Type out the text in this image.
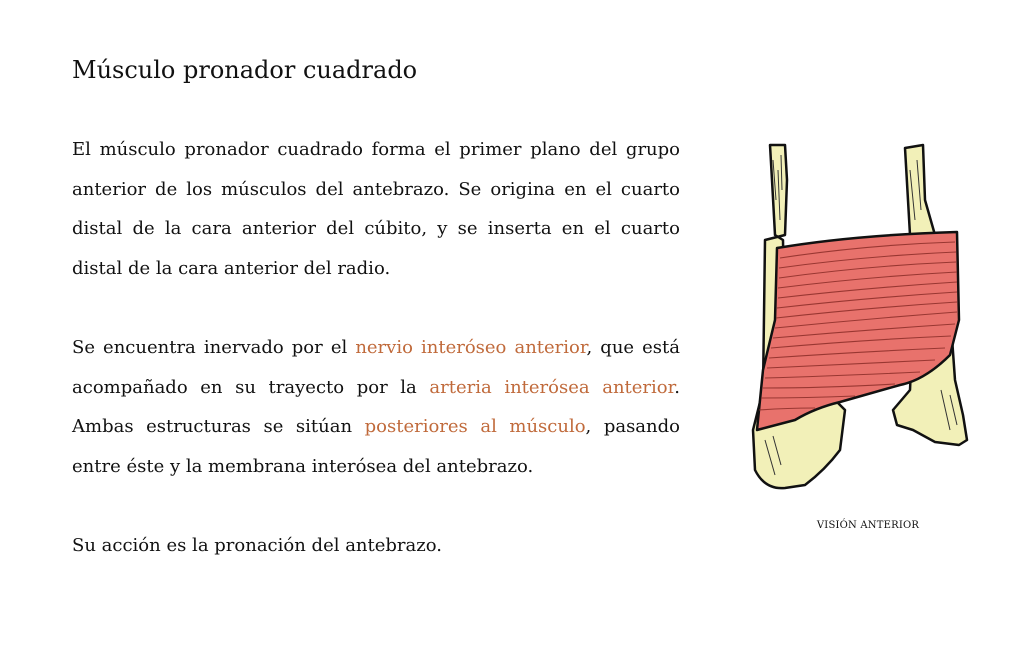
Músculo pronador cuadrado

El músculo pronador cuadrado forma el primer plano del grupo anterior de los músculos del antebrazo. Se origina en el cuarto distal de la cara anterior del cúbito, y se inserta en el cuarto distal de la cara anterior del radio.

Se encuentra inervado por el nervio interóseo anterior, que está acompañado en su trayecto por la arteria interósea anterior. Ambas estructuras se sitúan posteriores al músculo, pasando entre éste y la membrana interósea del antebrazo.

Su acción es la pronación del antebrazo.

VISIÓN ANTERIOR
